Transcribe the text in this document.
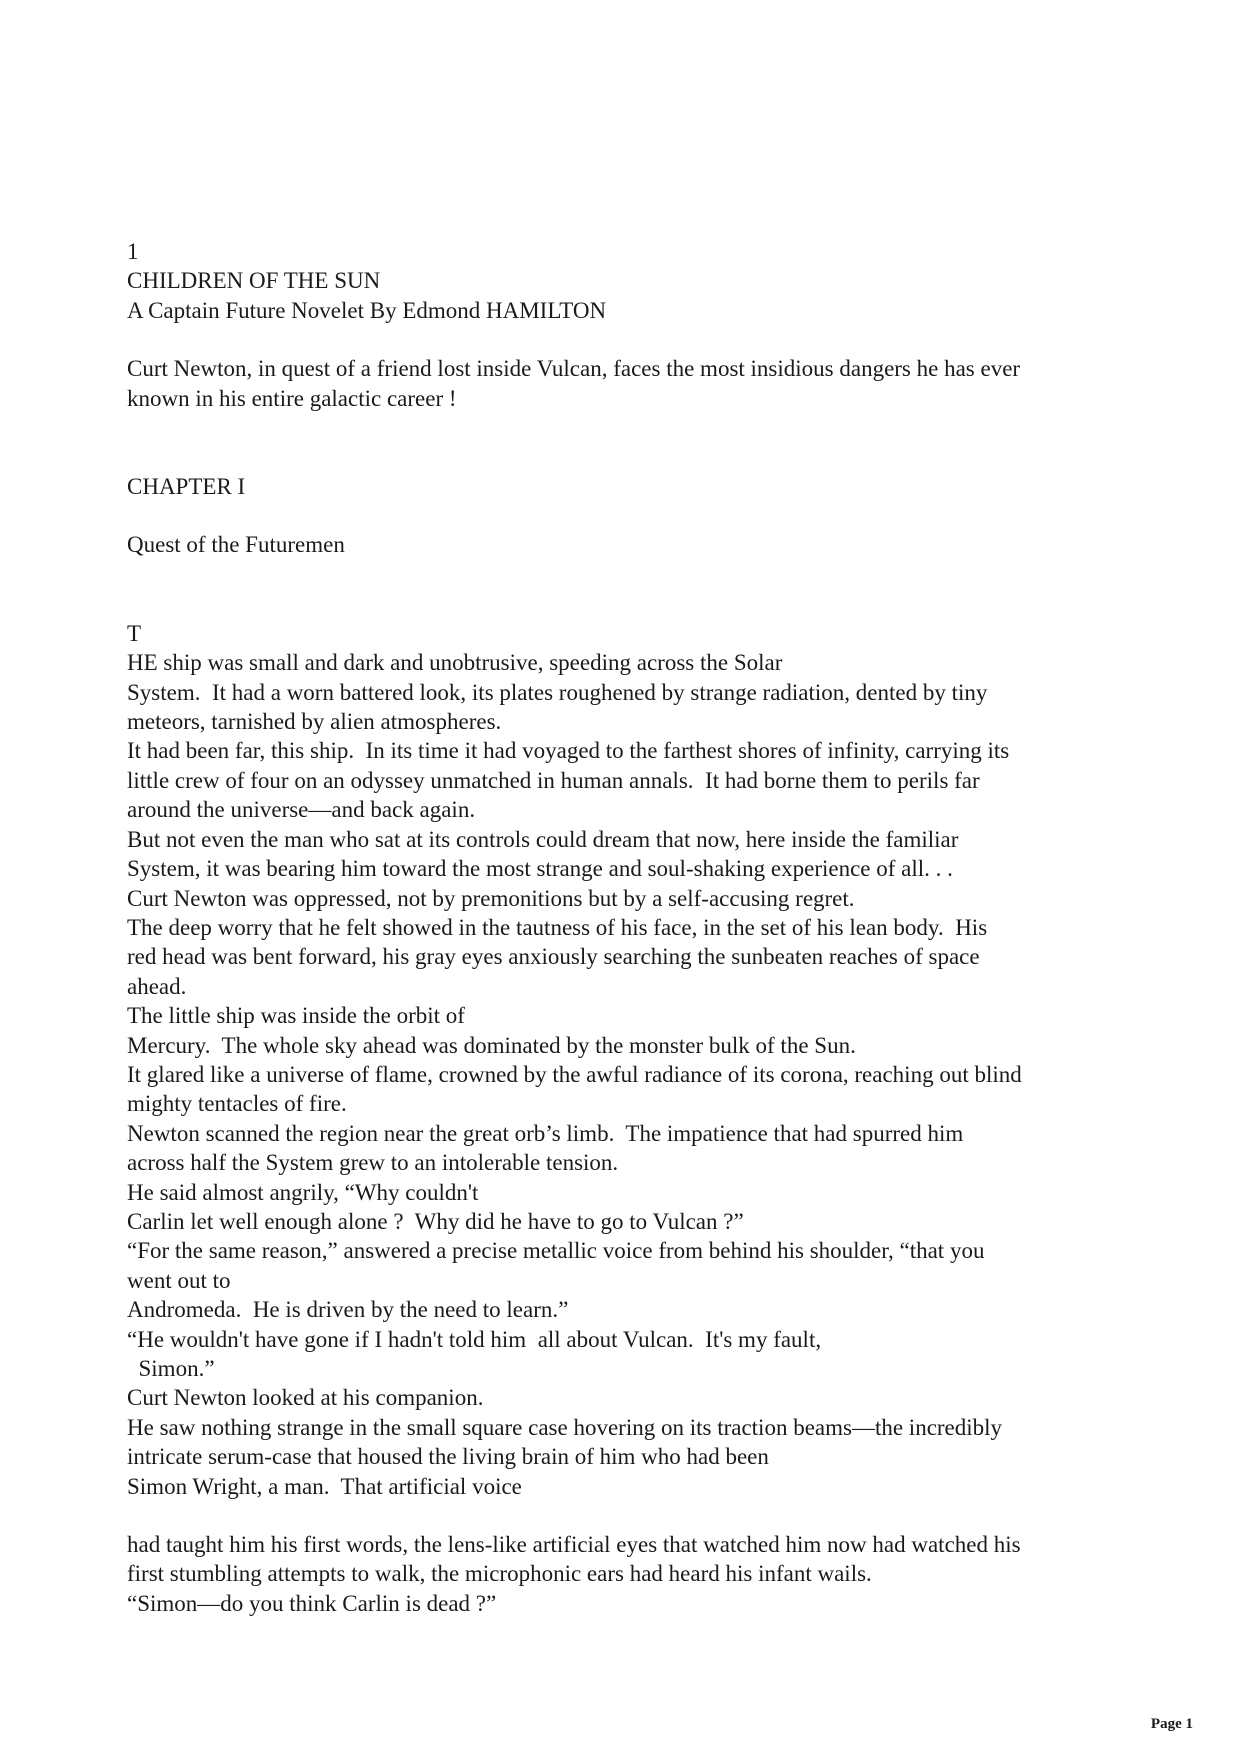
1
CHILDREN OF THE SUN
A Captain Future Novelet By Edmond HAMILTON
Curt Newton, in quest of a friend lost inside Vulcan, faces the most insidious dangers he has ever
known in his entire galactic career !
CHAPTER I
Quest of the Futuremen
T
HE ship was small and dark and unobtrusive, speeding across the Solar
System.  It had a worn battered look, its plates roughened by strange radiation, dented by tiny
meteors, tarnished by alien atmospheres.
It had been far, this ship.  In its time it had voyaged to the farthest shores of infinity, carrying its
little crew of four on an odyssey unmatched in human annals.  It had borne them to perils far
around the universe—and back again.
But not even the man who sat at its controls could dream that now, here inside the familiar
System, it was bearing him toward the most strange and soul-shaking experience of all. . .
Curt Newton was oppressed, not by premonitions but by a self-accusing regret.
The deep worry that he felt showed in the tautness of his face, in the set of his lean body.  His
red head was bent forward, his gray eyes anxiously searching the sunbeaten reaches of space
ahead.
The little ship was inside the orbit of
Mercury.  The whole sky ahead was dominated by the monster bulk of the Sun.
It glared like a universe of flame, crowned by the awful radiance of its corona, reaching out blind
mighty tentacles of fire.
Newton scanned the region near the great orb’s limb.  The impatience that had spurred him
across half the System grew to an intolerable tension.
He said almost angrily, “Why couldn't
Carlin let well enough alone ?  Why did he have to go to Vulcan ?”
“For the same reason,” answered a precise metallic voice from behind his shoulder, “that you
went out to
Andromeda.  He is driven by the need to learn.”
“He wouldn't have gone if I hadn't told him  all about Vulcan.  It's my fault,
Simon.”
Curt Newton looked at his companion.
He saw nothing strange in the small square case hovering on its traction beams—the incredibly
intricate serum-case that housed the living brain of him who had been
Simon Wright, a man.  That artificial voice
had taught him his first words, the lens-like artificial eyes that watched him now had watched his
first stumbling attempts to walk, the microphonic ears had heard his infant wails.
“Simon—do you think Carlin is dead ?”
Page 1
